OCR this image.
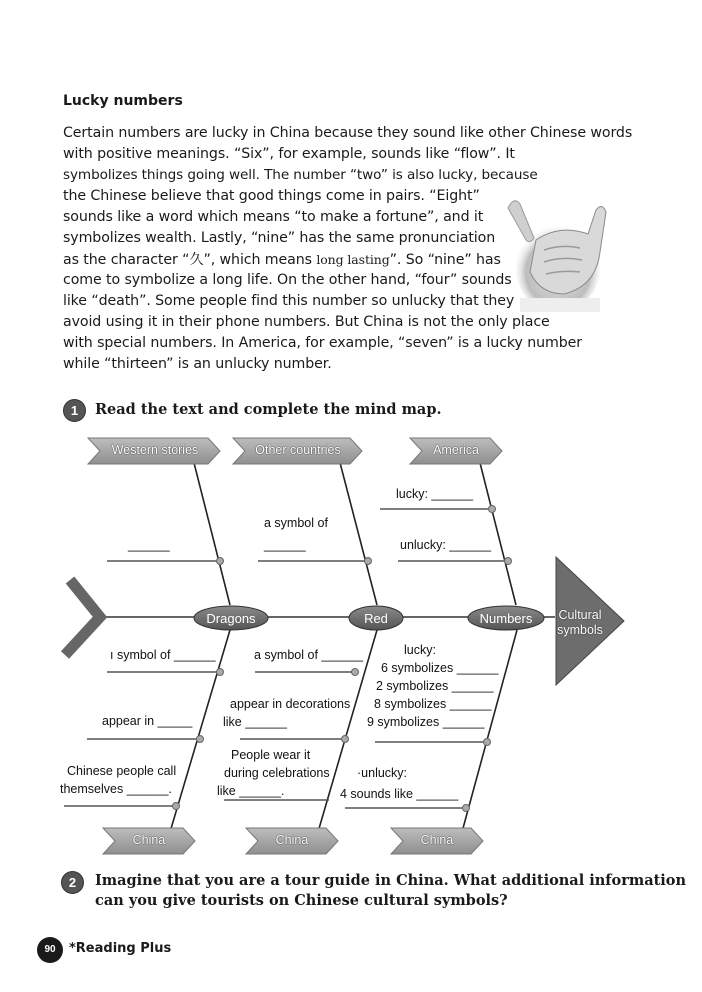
Lucky numbers
Certain numbers are lucky in China because they sound like other Chinese words
with positive meanings. “Six”, for example, sounds like “flow”. It
symbolizes things going well. The number “two” is also lucky, because
the Chinese believe that good things come in pairs. “Eight”
sounds like a word which means “to make a fortune”, and it
symbolizes wealth. Lastly, “nine” has the same pronunciation
as the character “久”, which means long lasting”. So “nine” has
come to symbolize a long life. On the other hand, “four” sounds
like “death”. Some people find this number so unlucky that they
avoid using it in their phone numbers. But China is not the only place
with special numbers. In America, for example, “seven” is a lucky number
while “thirteen” is an unlucky number.
1	Read the text and complete the mind map.
Western stories	Other countries	America
China	China	China
Dragons	Red	Numbers	Cultural
symbols
______
a symbol of
______
lucky: ______
unlucky: ______
ı symbol of ______
appear in _____
Chinese people call
themselves ______.
a symbol of ______
appear in decorations
like ______
People wear it
during celebrations
like ______.
lucky:
6 symbolizes ______
2 symbolizes ______
8 symbolizes ______
9 symbolizes ______
·unlucky:
4 sounds like ______
2	Imagine that you are a tour guide in China. What additional information
can you give tourists on Chinese cultural symbols?
90	*Reading Plus
